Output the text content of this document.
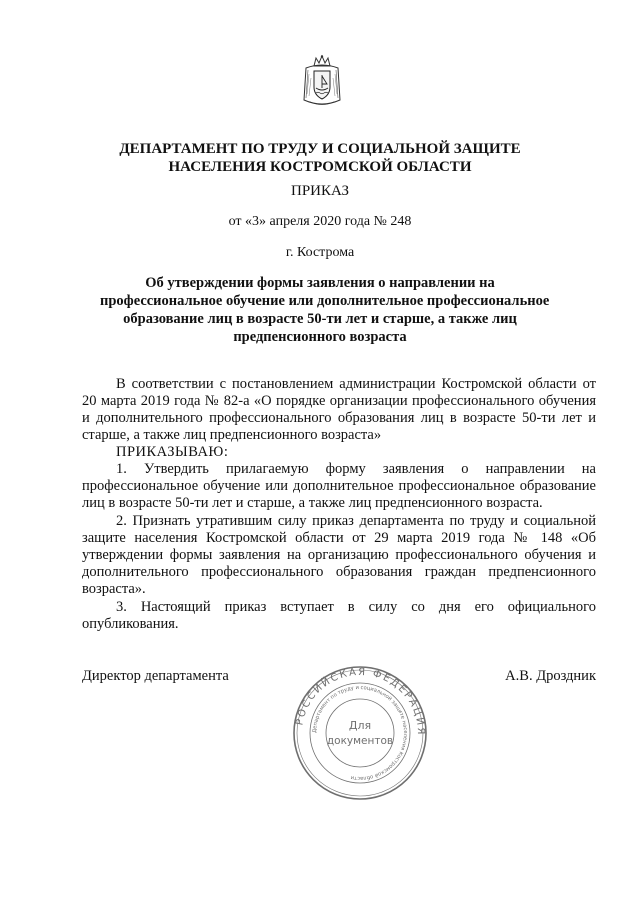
ДЕПАРТАМЕНТ ПО ТРУДУ И СОЦИАЛЬНОЙ ЗАЩИТЕ
НАСЕЛЕНИЯ КОСТРОМСКОЙ ОБЛАСТИ
ПРИКАЗ
от «3» апреля 2020 года № 248
г. Кострома
Об утверждении формы заявления о направлении на
профессиональное обучение или дополнительное профессиональное
образование лиц в возрасте 50-ти лет и старше, а также лиц
предпенсионного возраста

В соответствии с постановлением администрации Костромской области от 20 марта 2019 года № 82-а «О порядке организации профессионального обучения и дополнительного профессионального образования лиц в возрасте 50-ти лет и старше, а также лиц предпенсионного возраста»

ПРИКАЗЫВАЮ:

1. Утвердить прилагаемую форму заявления о направлении на профессиональное обучение или дополнительное профессиональное образование лиц в возрасте 50-ти лет и старше, а также лиц предпенсионного возраста.

2. Признать утратившим силу приказ департамента по труду и социальной защите населения Костромской области от 29 марта 2019 года № 148 «Об утверждении формы заявления на организацию профессионального обучения и дополнительного профессионального образования граждан предпенсионного возраста».

3. Настоящий приказ вступает в силу со дня его официального опубликования.

Директор департамента	А.В. Дроздник
РОССИЙСКАЯ ФЕДЕРАЦИЯ
Департамент по труду и социальной защите населения Костромской области
Для
документов
